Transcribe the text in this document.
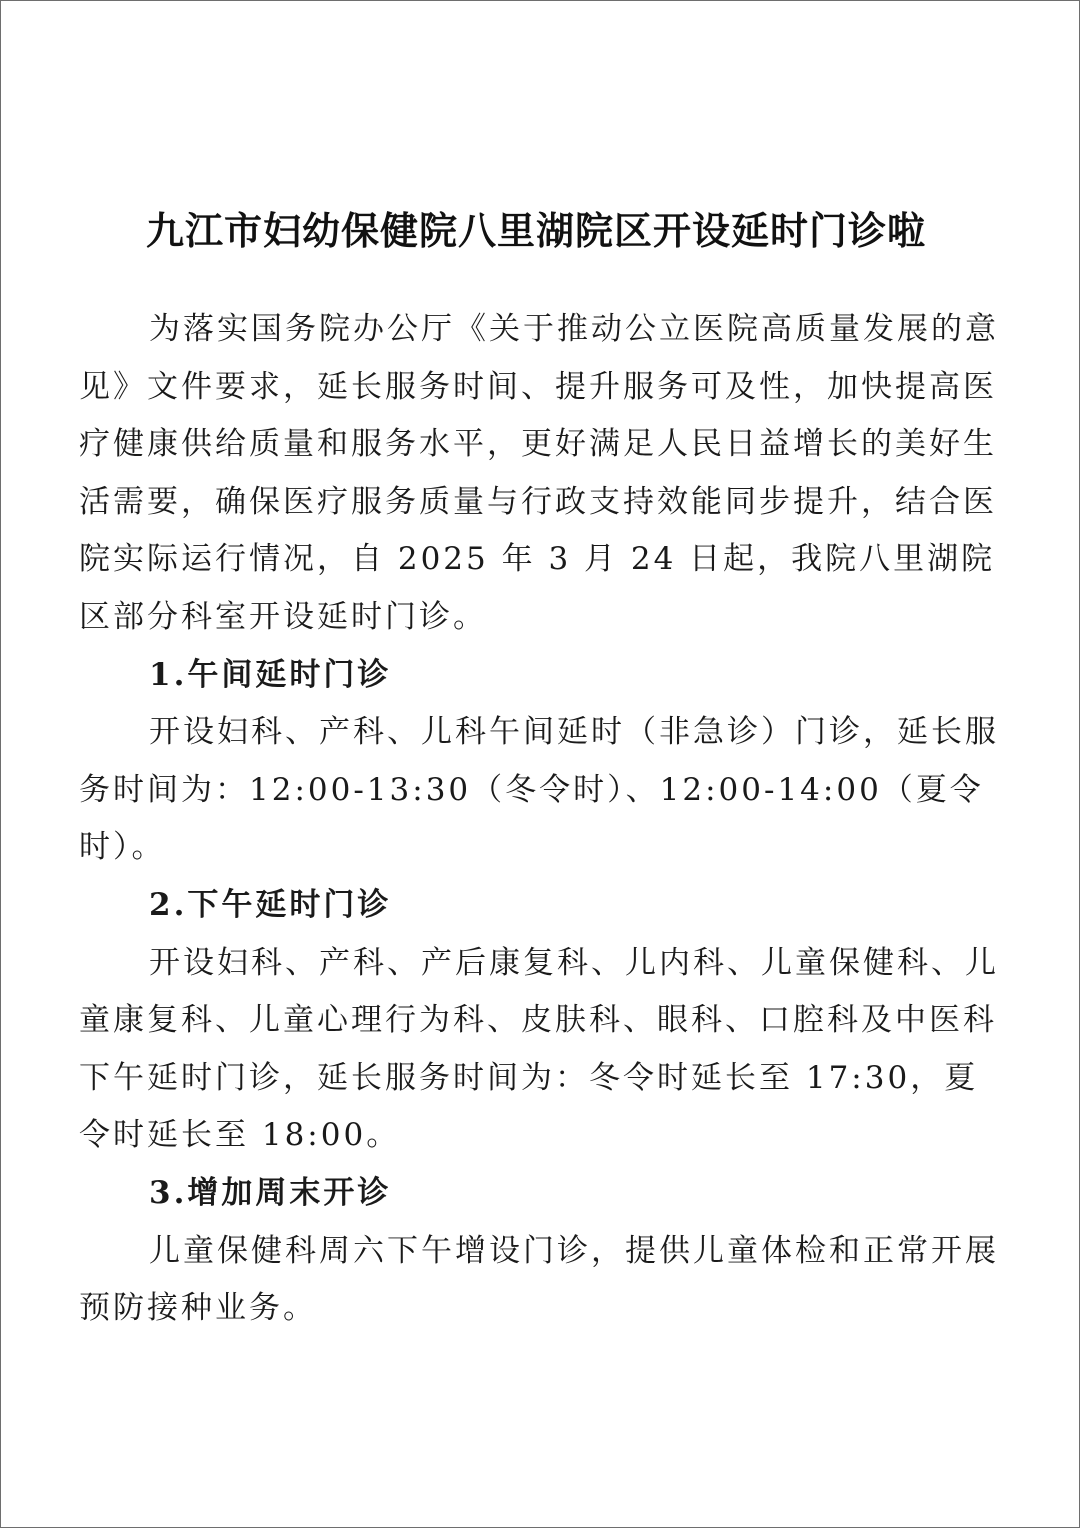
九江市妇幼保健院八里湖院区开设延时门诊啦

为落实国务院办公厅《关于推动公立医院高质量发展的意见》文件要求，延长服务时间、提升服务可及性，加快提高医疗健康供给质量和服务水平，更好满足人民日益增长的美好生活需要，确保医疗服务质量与行政支持效能同步提升，结合医院实际运行情况，自 2025 年 3 月 24 日起，我院八里湖院区部分科室开设延时门诊。

1.午间延时门诊

开设妇科、产科、儿科午间延时（非急诊）门诊，延长服务时间为：12:00-13:30（冬令时）、12:00-14:00（夏令时）。

2.下午延时门诊

开设妇科、产科、产后康复科、儿内科、儿童保健科、儿童康复科、儿童心理行为科、皮肤科、眼科、口腔科及中医科下午延时门诊，延长服务时间为：冬令时延长至 17:30，夏令时延长至 18:00。

3.增加周末开诊

儿童保健科周六下午增设门诊，提供儿童体检和正常开展预防接种业务。
